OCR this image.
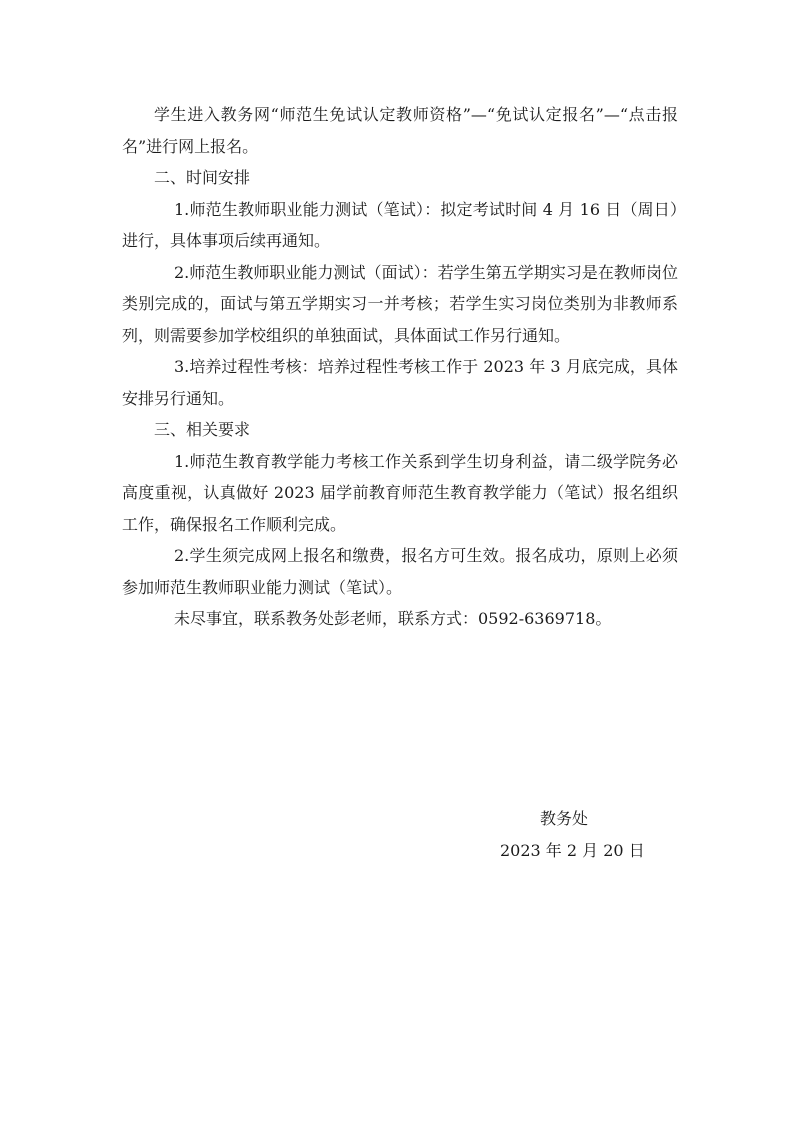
学生进入教务网“师范生免试认定教师资格”—“免试认定报名”—“点击报名”进行网上报名。

二、时间安排

1.师范生教师职业能力测试（笔试）：拟定考试时间 4 月 16 日（周日）进行，具体事项后续再通知。

2.师范生教师职业能力测试（面试）：若学生第五学期实习是在教师岗位类别完成的，面试与第五学期实习一并考核；若学生实习岗位类别为非教师系列，则需要参加学校组织的单独面试，具体面试工作另行通知。

3.培养过程性考核：培养过程性考核工作于 2023 年 3 月底完成，具体安排另行通知。

三、相关要求

1.师范生教育教学能力考核工作关系到学生切身利益，请二级学院务必高度重视，认真做好 2023 届学前教育师范生教育教学能力（笔试）报名组织工作，确保报名工作顺利完成。

2.学生须完成网上报名和缴费，报名方可生效。报名成功，原则上必须参加师范生教师职业能力测试（笔试）。

未尽事宜，联系教务处彭老师，联系方式：0592-6369718。

教务处
2023 年 2 月 20 日
